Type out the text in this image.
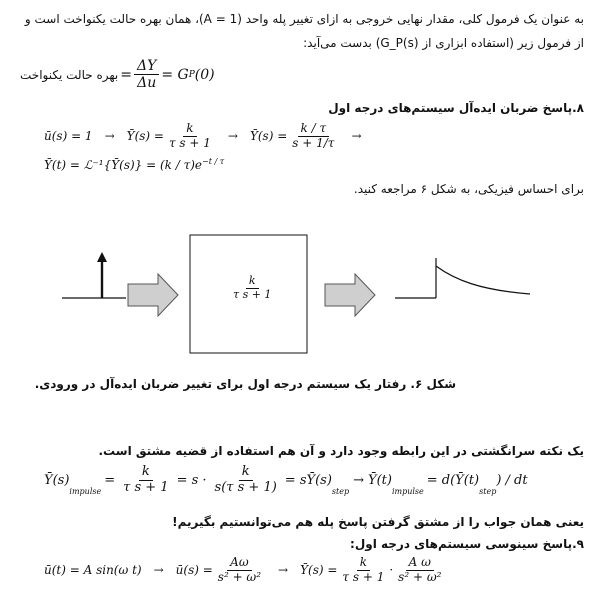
به عنوان یک فرمول کلی، مقدار نهایی خروجی به ازای تغییر پله واحد (1 = A)، همان بهره حالت یکنواخت است و
از فرمول زیر (استفاده ابزاری از G_P(s)) بدست می‌آید:
بهره حالت یکنواخت = $\frac{\Delta Y}{\Delta u} = G$ P (0)
۸.پاسخ ضربان ایده‌آل سیستم‌های درجه اول
ū(s) = 1 → Ȳ(s) = $\frac{k}{\text{τ s + 1}}$ → Ȳ(s) = $\frac{k / \tau}{s + 1/\tau}$ →
Ȳ(t) = ℒ⁻¹{Ȳ(s)} = $(k / \tau)e^{-t / \tau}$
برای احساس فیزیکی، به شکل ۶ مراجعه کنید.
$\frac{k}{\text{τ s + 1}}$
شکل ۶. رفتار یک سیستم درجه اول برای تغییر ضربان ایده‌آل در ورودی.
یک نکته سرانگشتی در این رابطه وجود دارد و آن هم استفاده از قضیه مشتق است.
Ȳ(s)
$_{impulse}$
= $\frac{k}{\text{τ s + 1}} = s \cdot \frac{k}{\text{s(τ s + 1)}}$ = sȲ(s)
$_{step}$
→ Ȳ(t)
$_{impulse}$
= d(Ȳ(t)
$_{step}$
) / dt
یعنی همان جواب را از مشتق گرفتن پاسخ پله هم می‌توانستیم بگیریم!
۹.پاسخ سینوسی سیستم‌های درجه اول:
ū(t) = A sin(ω t) → ū(s) = $\frac{A\omega}{\text{s² + ω²}}$ → Ȳ(s) = $\frac{k}{\text{τ s + 1}} \cdot \frac{\text{A ω}}{\text{s² + ω²}}$
